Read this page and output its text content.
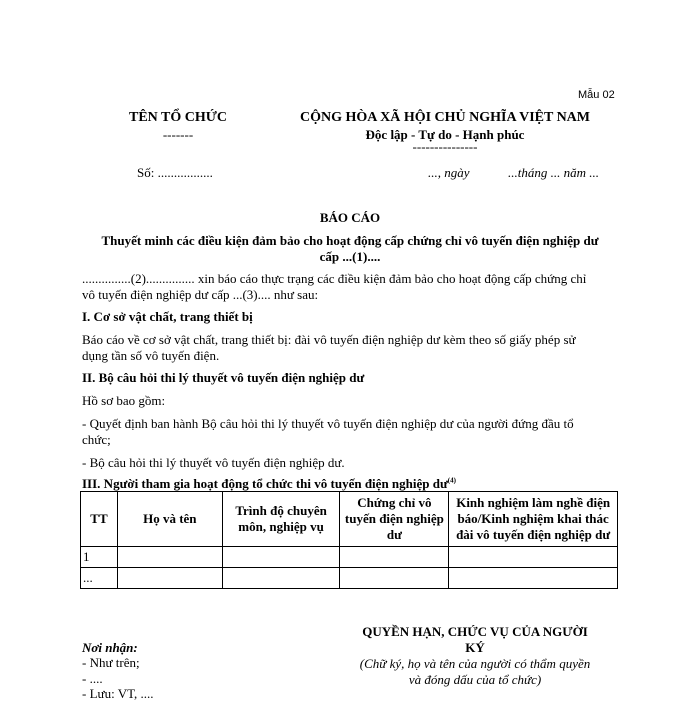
Mẫu 02
TÊN TỔ CHỨC
-------
CỘNG HÒA XÃ HỘI CHỦ NGHĨA VIỆT NAM
Độc lập - Tự do - Hạnh phúc
---------------
Số: .................	..., ngày	...tháng ... năm ...
BÁO CÁO
Thuyết minh các điều kiện đảm bảo cho hoạt động cấp chứng chỉ vô tuyến điện nghiệp dư
cấp ...(1)....
...............(2)............... xin báo cáo thực trạng các điều kiện đảm bảo cho hoạt động cấp chứng chỉ
vô tuyến điện nghiệp dư cấp ...(3).... như sau:
I. Cơ sở vật chất, trang thiết bị
Báo cáo về cơ sở vật chất, trang thiết bị: đài vô tuyến điện nghiệp dư kèm theo số giấy phép sử
dụng tần số vô tuyến điện.
II. Bộ câu hỏi thi lý thuyết vô tuyến điện nghiệp dư
Hồ sơ bao gồm:
- Quyết định ban hành Bộ câu hỏi thi lý thuyết vô tuyến điện nghiệp dư của người đứng đầu tổ
chức;
- Bộ câu hỏi thi lý thuyết vô tuyến điện nghiệp dư.
III. Người tham gia hoạt động tổ chức thi vô tuyến điện nghiệp $dư^{(4)}$
TT	Họ và tên	Trình độ chuyên môn, nghiệp vụ	Chứng chỉ vô tuyến điện nghiệp dư	Kinh nghiệm làm nghề điện báo/Kinh nghiệm khai thác đài vô tuyến điện nghiệp dư
1				
...				
Nơi nhận:
- Như trên;
- ....
- Lưu: VT, ....
QUYỀN HẠN, CHỨC VỤ CỦA NGƯỜI
KÝ
(Chữ ký, họ và tên của người có thẩm quyền
và đóng dấu của tổ chức)
